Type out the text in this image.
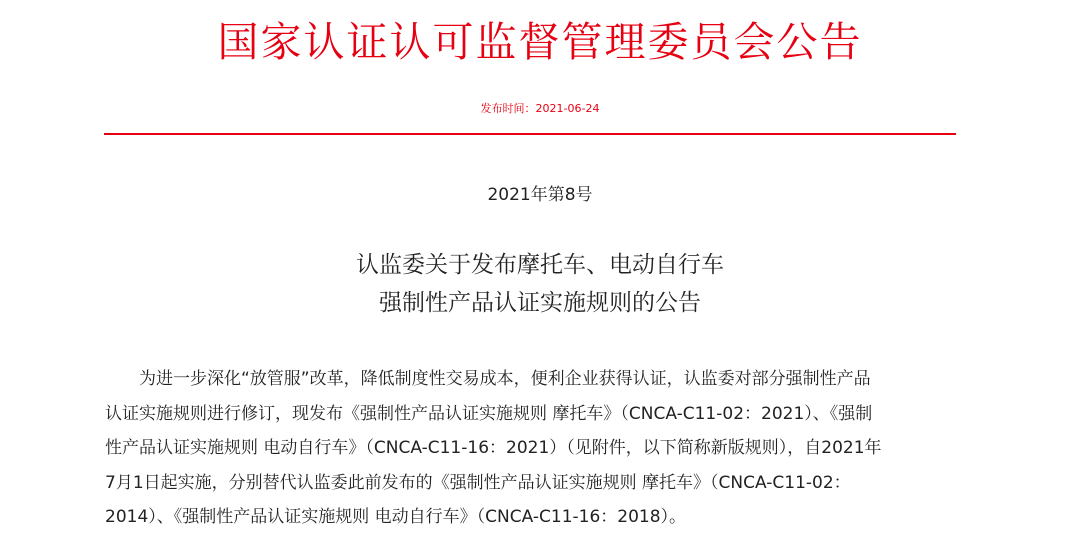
国家认证认可监督管理委员会公告
发布时间：2021-06-24
2021年第8号
认监委关于发布摩托车、电动自行车
强制性产品认证实施规则的公告
为进一步深化“放管服”改革，降低制度性交易成本，便利企业获得认证，认监委对部分强制性产品
认证实施规则进行修订，现发布《强制性产品认证实施规则 摩托车》（CNCA-C11-02：2021）、《强制
性产品认证实施规则 电动自行车》（CNCA-C11-16：2021）（见附件，以下简称新版规则），自2021年
7月1日起实施，分别替代认监委此前发布的《强制性产品认证实施规则 摩托车》（CNCA-C11-02：
2014）、《强制性产品认证实施规则 电动自行车》（CNCA-C11-16：2018）。
